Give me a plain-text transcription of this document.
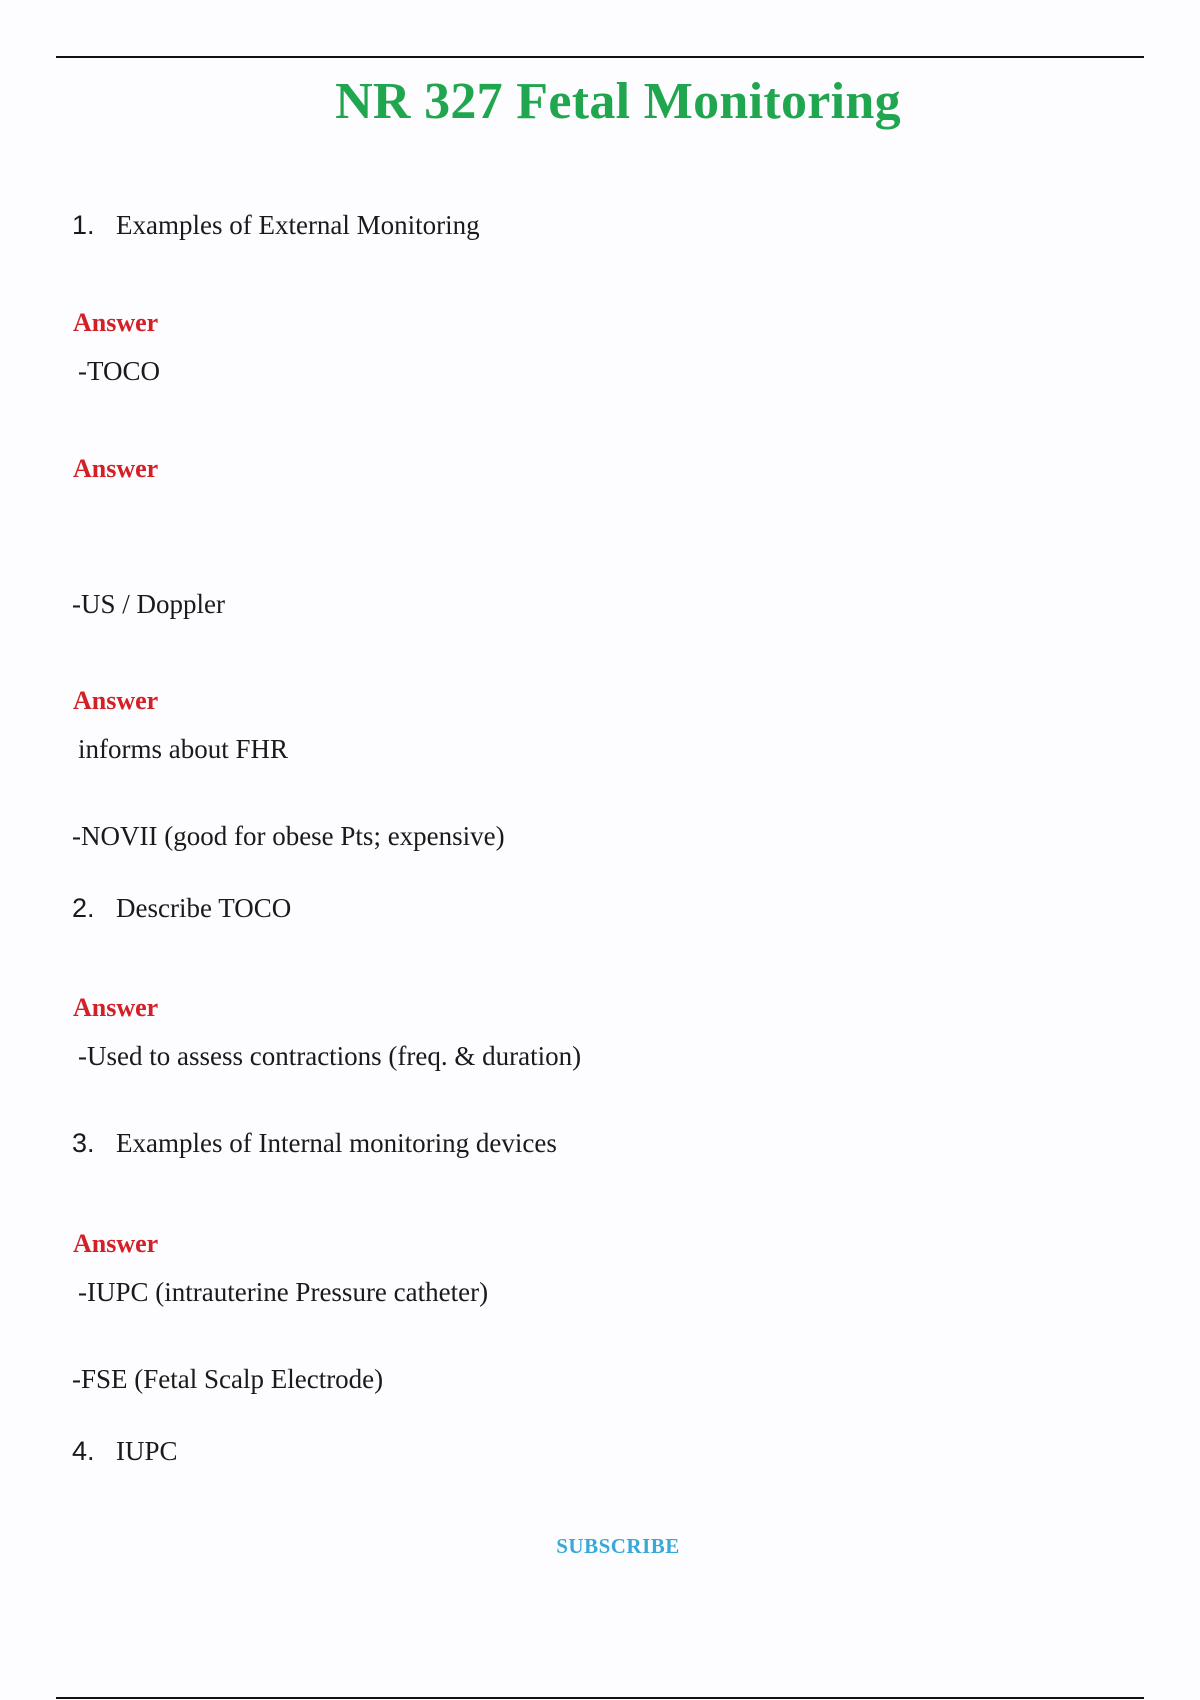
NR 327 Fetal Monitoring
1. Examples of External Monitoring
Answer
-TOCO
Answer
-US / Doppler
Answer
informs about FHR
-NOVII (good for obese Pts; expensive)
2. Describe TOCO
Answer
-Used to assess contractions (freq. & duration)
3. Examples of Internal monitoring devices
Answer
-IUPC (intrauterine Pressure catheter)
-FSE (Fetal Scalp Electrode)
4. IUPC
SUBSCRIBE
